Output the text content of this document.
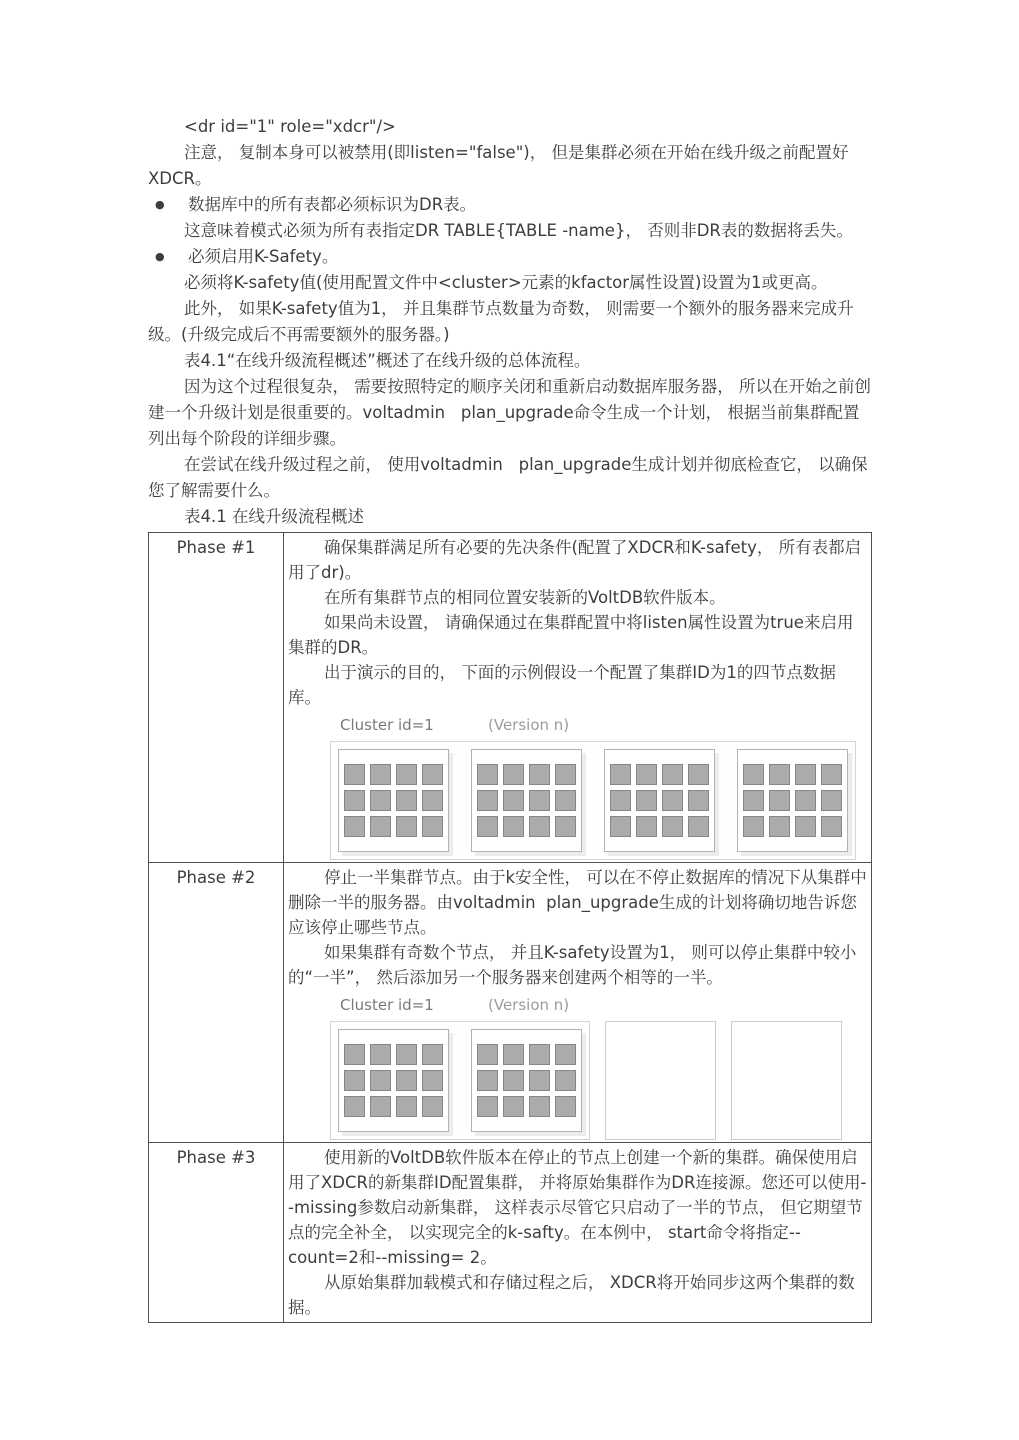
<dr id="1" role="xdcr"/>

注意， 复制本身可以被禁用(即listen="false")， 但是集群必须在开始在线升级之前配置好XDCR。

●	数据库中的所有表都必须标识为DR表。

这意味着模式必须为所有表指定DR TABLE{TABLE -name}， 否则非DR表的数据将丢失。

●	必须启用K-Safety。

必须将K-safety值(使用配置文件中<cluster>元素的kfactor属性设置)设置为1或更高。

此外， 如果K-safety值为1， 并且集群节点数量为奇数， 则需要一个额外的服务器来完成升级。(升级完成后不再需要额外的服务器。)

表4.1“在线升级流程概述”概述了在线升级的总体流程。

因为这个过程很复杂， 需要按照特定的顺序关闭和重新启动数据库服务器， 所以在开始之前创建一个升级计划是很重要的。voltadmin   plan_upgrade命令生成一个计划， 根据当前集群配置列出每个阶段的详细步骤。

在尝试在线升级过程之前， 使用voltadmin   plan_upgrade生成计划并彻底检查它， 以确保您了解需要什么。

表4.1 在线升级流程概述

Phase #1	确保集群满足所有必要的先决条件(配置了XDCR和K-safety， 所有表都启用了dr)。

在所有集群节点的相同位置安装新的VoltDB软件版本。

如果尚未设置， 请确保通过在集群配置中将listen属性设置为true来启用集群的DR。

出于演示的目的， 下面的示例假设一个配置了集群ID为1的四节点数据库。

Cluster id=1	(Version n)

Phase #2	停止一半集群节点。由于k安全性， 可以在不停止数据库的情况下从集群中删除一半的服务器。由voltadmin  plan_upgrade生成的计划将确切地告诉您应该停止哪些节点。

如果集群有奇数个节点， 并且K-safety设置为1， 则可以停止集群中较小的“一半”， 然后添加另一个服务器来创建两个相等的一半。

Cluster id=1 (Version n)

Phase #3	使用新的VoltDB软件版本在停止的节点上创建一个新的集群。确保使用启用了XDCR的新集群ID配置集群， 并将原始集群作为DR连接源。您还可以使用--missing参数启动新集群， 这样表示尽管它只启动了一半的节点， 但它期望节点的完全补全， 以实现完全的k-safty。在本例中， start命令将指定--count=2和--missing= 2。

从原始集群加载模式和存储过程之后， XDCR将开始同步这两个集群的数据。
